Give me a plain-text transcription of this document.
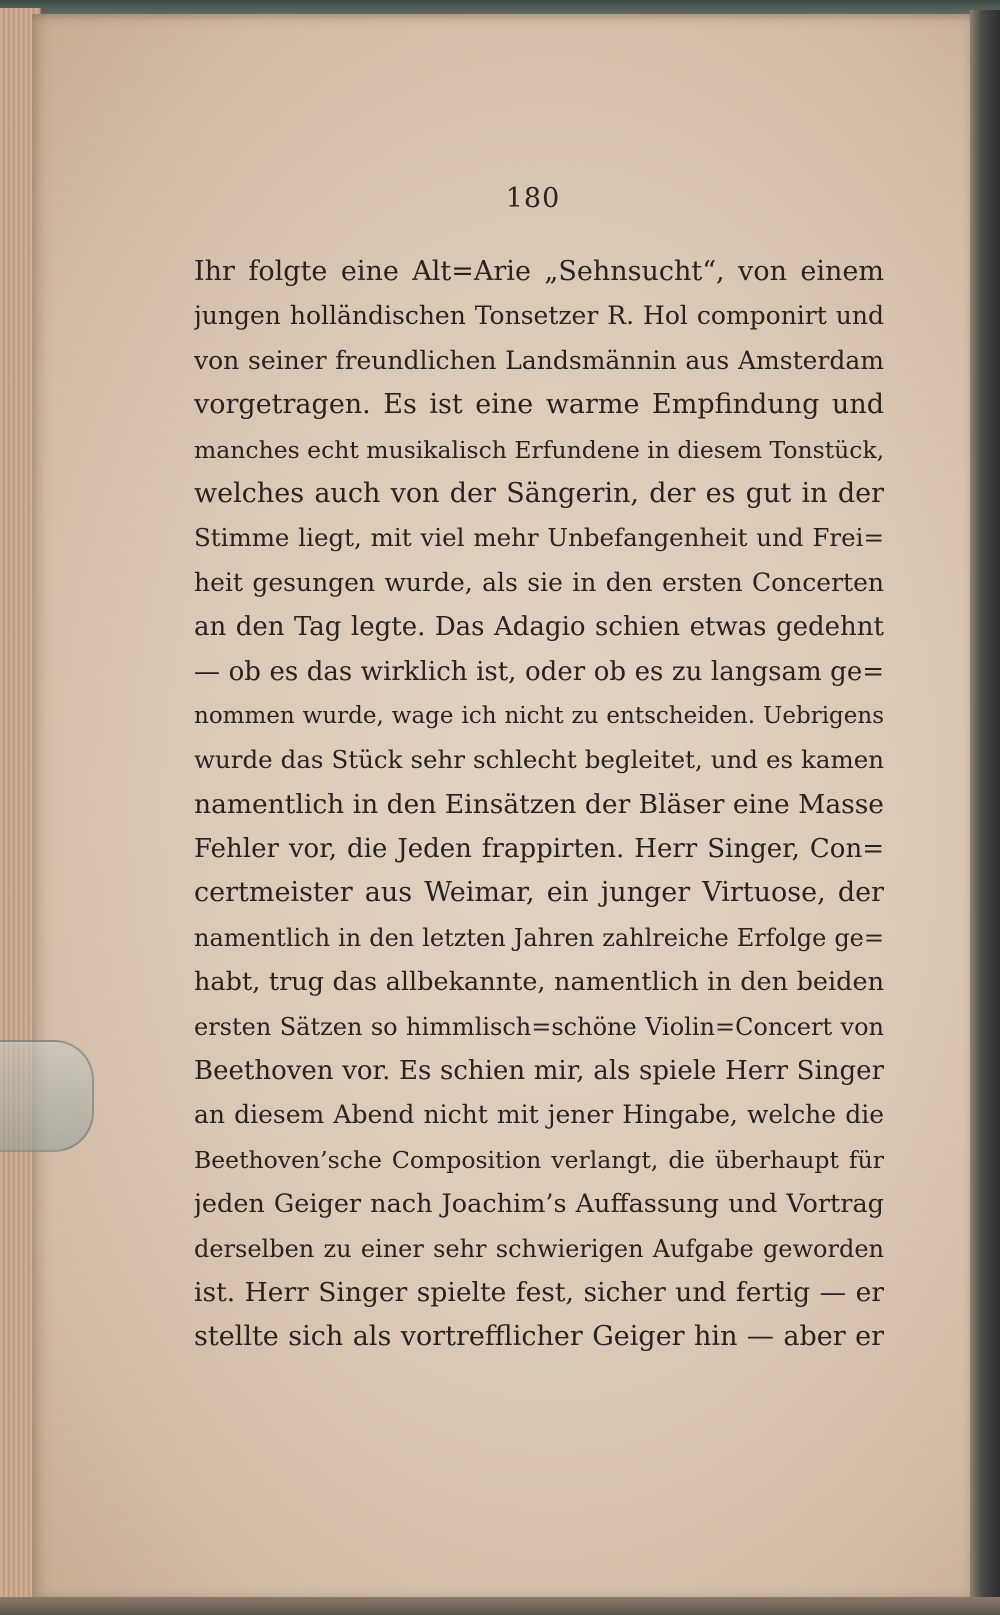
180
Ihr folgte eine Alt=Arie „Sehnsucht“, von einem
jungen holländischen Tonsetzer R. Hol componirt und
von seiner freundlichen Landsmännin aus Amsterdam
vorgetragen. Es ist eine warme Empfindung und
manches echt musikalisch Erfundene in diesem Tonstück,
welches auch von der Sängerin, der es gut in der
Stimme liegt, mit viel mehr Unbefangenheit und Frei=
heit gesungen wurde, als sie in den ersten Concerten
an den Tag legte. Das Adagio schien etwas gedehnt
— ob es das wirklich ist, oder ob es zu langsam ge=
nommen wurde, wage ich nicht zu entscheiden. Uebrigens
wurde das Stück sehr schlecht begleitet, und es kamen
namentlich in den Einsätzen der Bläser eine Masse
Fehler vor, die Jeden frappirten. Herr Singer, Con=
certmeister aus Weimar, ein junger Virtuose, der
namentlich in den letzten Jahren zahlreiche Erfolge ge=
habt, trug das allbekannte, namentlich in den beiden
ersten Sätzen so himmlisch=schöne Violin=Concert von
Beethoven vor. Es schien mir, als spiele Herr Singer
an diesem Abend nicht mit jener Hingabe, welche die
Beethoven’sche Composition verlangt, die überhaupt für
jeden Geiger nach Joachim’s Auffassung und Vortrag
derselben zu einer sehr schwierigen Aufgabe geworden
ist. Herr Singer spielte fest, sicher und fertig — er
stellte sich als vortrefflicher Geiger hin — aber er
